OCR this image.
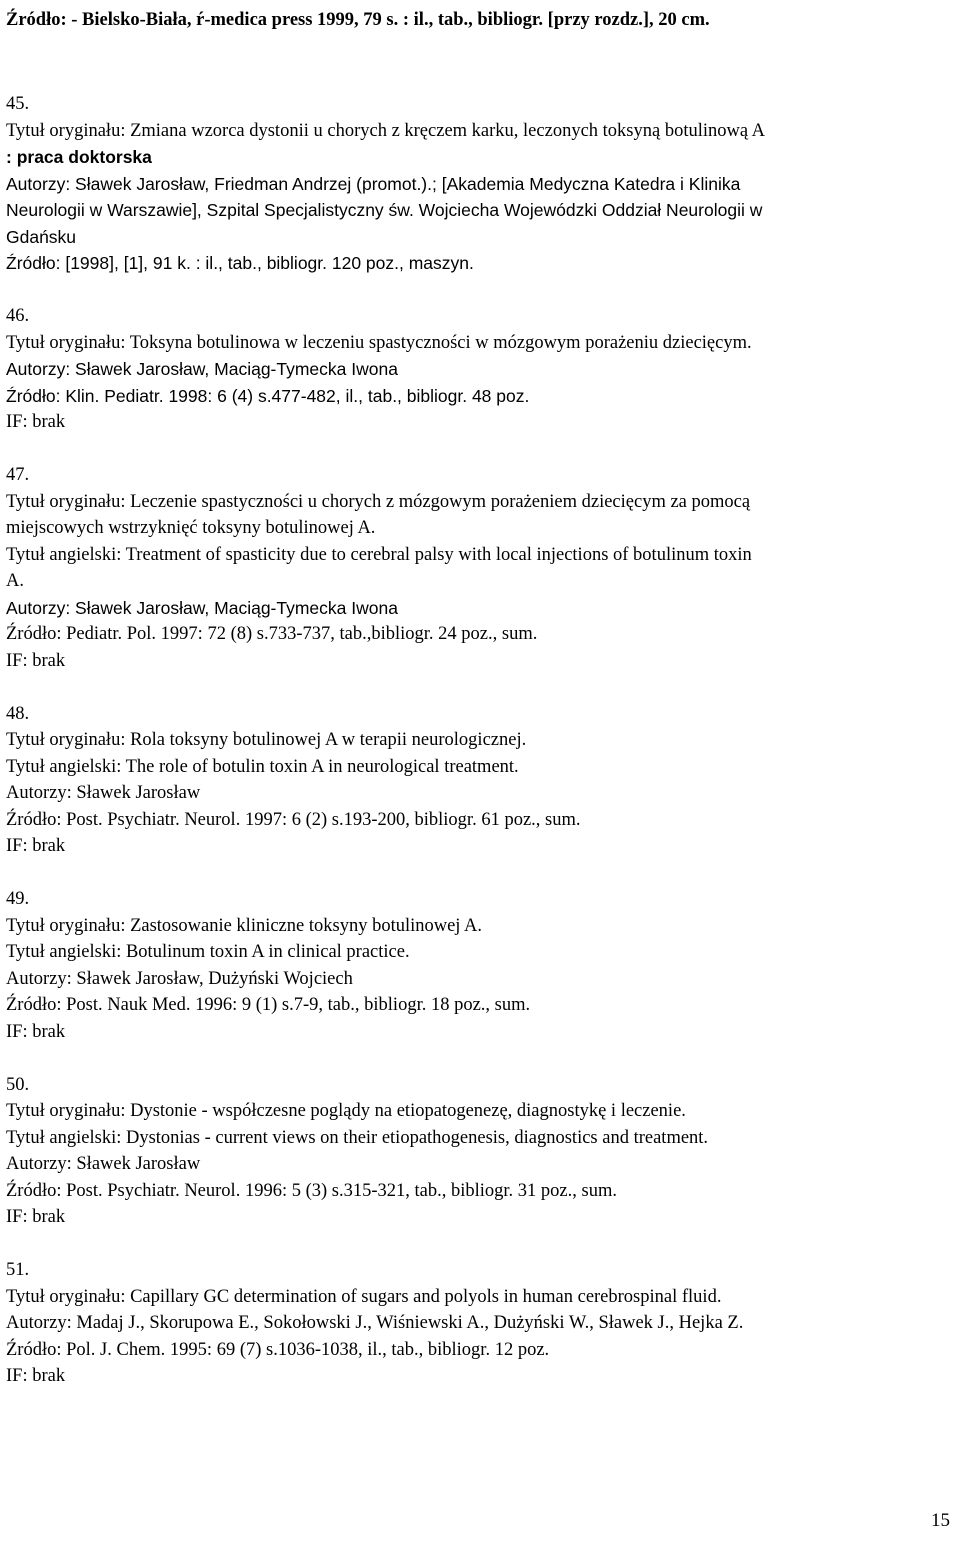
Źródło: - Bielsko-Biała, ŕ-medica press 1999, 79 s. : il., tab., bibliogr. [przy rozdz.], 20 cm.
45.
Tytuł oryginału: Zmiana wzorca dystonii u chorych z kręczem karku, leczonych toksyną botulinową A
: praca doktorska
Autorzy: Sławek Jarosław, Friedman Andrzej (promot.).; [Akademia Medyczna Katedra i Klinika
Neurologii w Warszawie], Szpital Specjalistyczny św. Wojciecha Wojewódzki Oddział Neurologii w
Gdańsku
Źródło: [1998], [1], 91 k. : il., tab., bibliogr. 120 poz., maszyn.
46.
Tytuł oryginału: Toksyna botulinowa w leczeniu spastyczności w mózgowym porażeniu dziecięcym.
Autorzy: Sławek Jarosław, Maciąg-Tymecka Iwona
Źródło: Klin. Pediatr. 1998: 6 (4) s.477-482, il., tab., bibliogr. 48 poz.
IF: brak
47.
Tytuł oryginału: Leczenie spastyczności u chorych z mózgowym porażeniem dziecięcym za pomocą
miejscowych wstrzyknięć toksyny botulinowej A.
Tytuł angielski: Treatment of spasticity due to cerebral palsy with local injections of botulinum toxin
A.
Autorzy: Sławek Jarosław, Maciąg-Tymecka Iwona
Źródło: Pediatr. Pol. 1997: 72 (8) s.733-737, tab.,bibliogr. 24 poz., sum.
IF: brak
48.
Tytuł oryginału: Rola toksyny botulinowej A w terapii neurologicznej.
Tytuł angielski: The role of botulin toxin A in neurological treatment.
Autorzy: Sławek Jarosław
Źródło: Post. Psychiatr. Neurol. 1997: 6 (2) s.193-200, bibliogr. 61 poz., sum.
IF: brak
49.
Tytuł oryginału: Zastosowanie kliniczne toksyny botulinowej A.
Tytuł angielski: Botulinum toxin A in clinical practice.
Autorzy: Sławek Jarosław, Dużyński Wojciech
Źródło: Post. Nauk Med. 1996: 9 (1) s.7-9, tab., bibliogr. 18 poz., sum.
IF: brak
50.
Tytuł oryginału: Dystonie - współczesne poglądy na etiopatogenezę, diagnostykę i leczenie.
Tytuł angielski: Dystonias - current views on their etiopathogenesis, diagnostics and treatment.
Autorzy: Sławek Jarosław
Źródło: Post. Psychiatr. Neurol. 1996: 5 (3) s.315-321, tab., bibliogr. 31 poz., sum.
IF: brak
51.
Tytuł oryginału: Capillary GC determination of sugars and polyols in human cerebrospinal fluid.
Autorzy: Madaj J., Skorupowa E., Sokołowski J., Wiśniewski A., Dużyński W., Sławek J., Hejka Z.
Źródło: Pol. J. Chem. 1995: 69 (7) s.1036-1038, il., tab., bibliogr. 12 poz.
IF: brak
15
